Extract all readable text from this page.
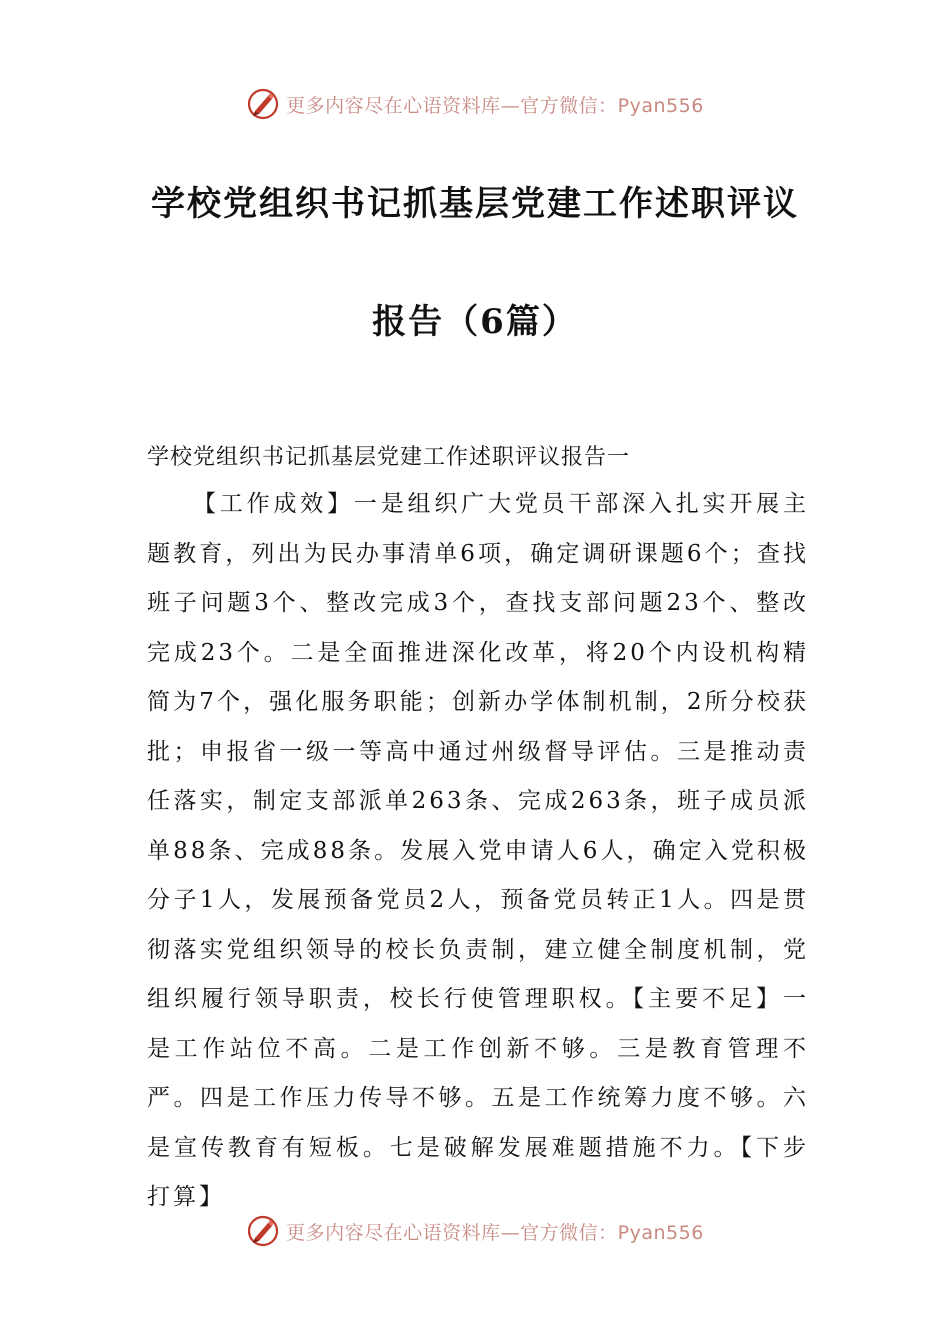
更多内容尽在心语资料库—官方微信：Pyan556
学校党组织书记抓基层党建工作述职评议
报告（6篇）
学校党组织书记抓基层党建工作述职评议报告一

【工作成效】一是组织广大党员干部深入扎实开展主题教育，列出为民办事清单6项，确定调研课题6个；查找班子问题3个、整改完成3个，查找支部问题23个、整改完成23个。二是全面推进深化改革，将20个内设机构精简为7个，强化服务职能；创新办学体制机制，2所分校获批；申报省一级一等高中通过州级督导评估。三是推动责任落实，制定支部派单263条、完成263条，班子成员派单88条、完成88条。发展入党申请人6人，确定入党积极分子1人，发展预备党员2人，预备党员转正1人。四是贯彻落实党组织领导的校长负责制，建立健全制度机制，党组织履行领导职责，校长行使管理职权。【主要不足】一是工作站位不高。二是工作创新不够。三是教育管理不严。四是工作压力传导不够。五是工作统筹力度不够。六是宣传教育有短板。七是破解发展难题措施不力。【下步打算】

更多内容尽在心语资料库—官方微信：Pyan556
